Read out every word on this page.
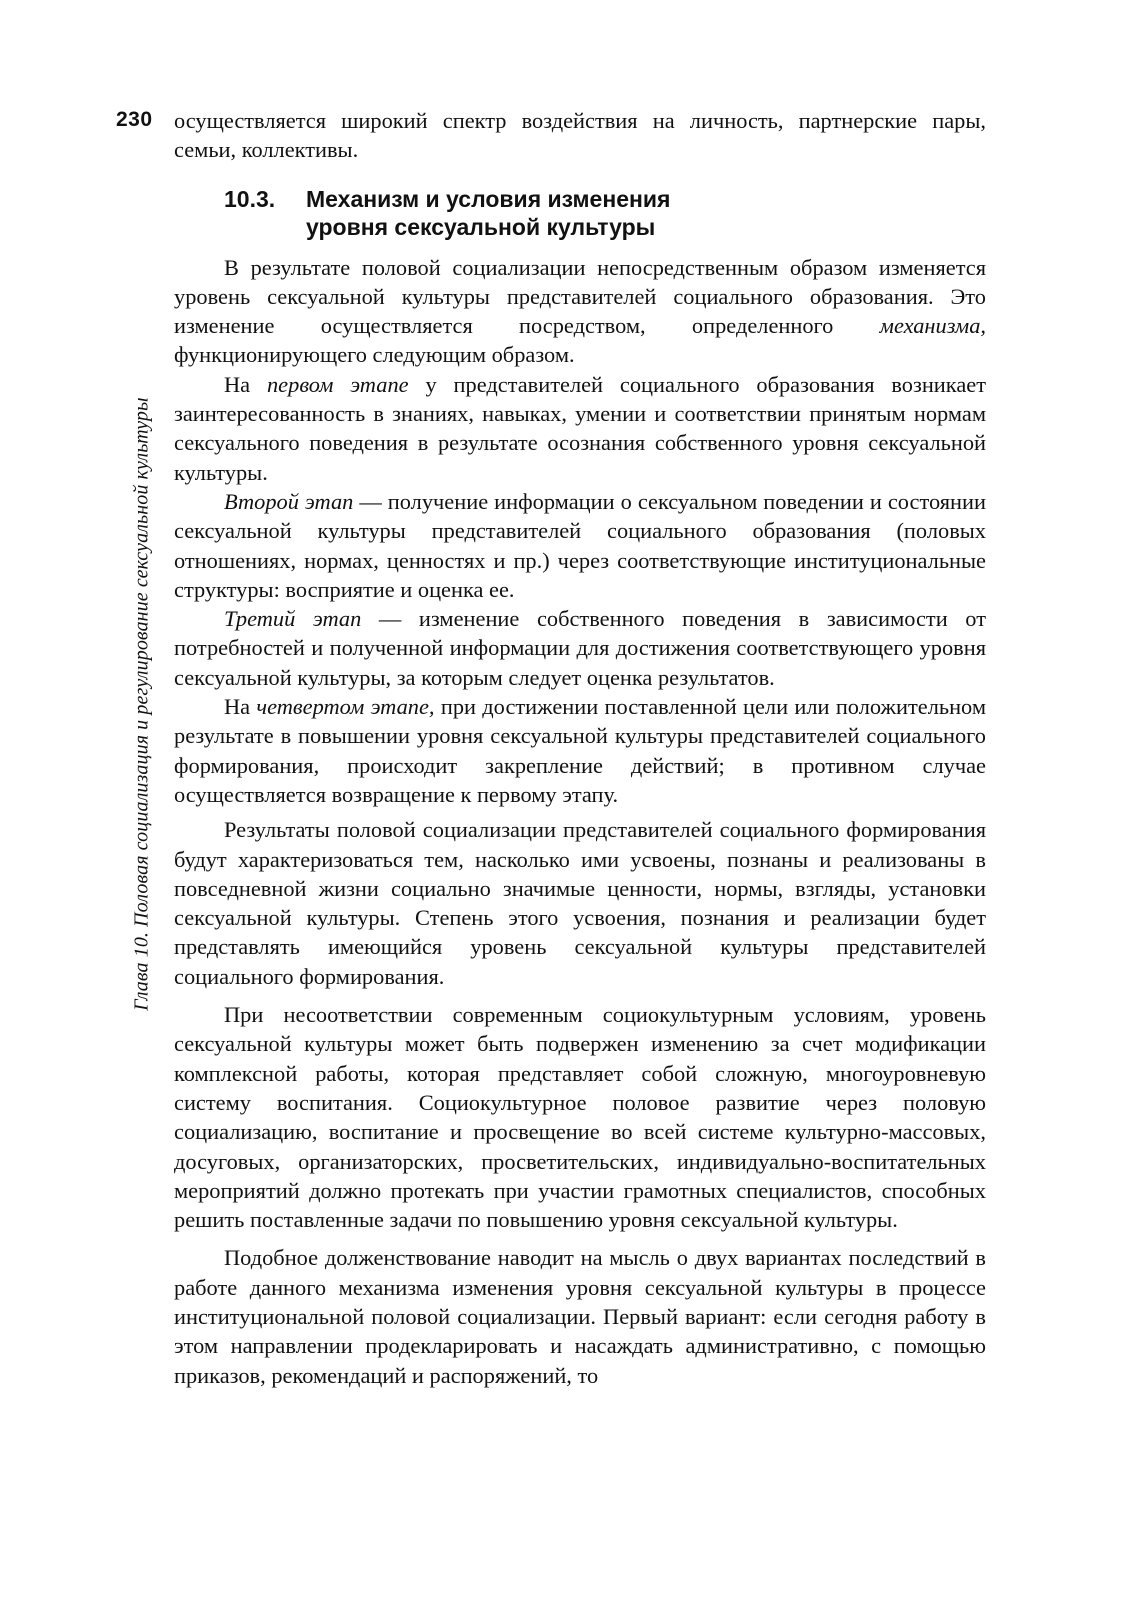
230
Глава 10. Половая социализация и регулирование сексуальной культуры

осуществляется широкий спектр воздействия на личность, партнерские пары, семьи, коллективы.

10.3. Механизм и условия изменения
уровня сексуальной культуры

В результате половой социализации непосредственным образом изменяется уровень сексуальной культуры представителей социального образования. Это изменение осуществляется посредством, определенного механизма, функционирующего следующим образом.

На первом этапе у представителей социального образования возникает заинтересованность в знаниях, навыках, умении и соответствии принятым нормам сексуального поведения в результате осознания собственного уровня сексуальной культуры.

Второй этап — получение информации о сексуальном поведении и состоянии сексуальной культуры представителей социального образования (половых отношениях, нормах, ценностях и пр.) через соответствующие институциональные структуры: восприятие и оценка ее.

Третий этап — изменение собственного поведения в зависимости от потребностей и полученной информации для достижения соответствующего уровня сексуальной культуры, за которым следует оценка результатов.

На четвертом этапе, при достижении поставленной цели или положительном результате в повышении уровня сексуальной культуры представителей социального формирования, происходит закрепление действий; в противном случае осуществляется возвращение к первому этапу.

Результаты половой социализации представителей социального формирования будут характеризоваться тем, насколько ими усвоены, познаны и реализованы в повседневной жизни социально значимые ценности, нормы, взгляды, установки сексуальной культуры. Степень этого усвоения, познания и реализации будет представлять имеющийся уровень сексуальной культуры представителей социального формирования.

При несоответствии современным социокультурным условиям, уровень сексуальной культуры может быть подвержен изменению за счет модификации комплексной работы, которая представляет собой сложную, многоуровневую систему воспитания. Социокультурное половое развитие через половую социализацию, воспитание и просвещение во всей системе культурно-массовых, досуговых, организаторских, просветительских, индивидуально-воспитательных мероприятий должно протекать при участии грамотных специалистов, способных решить поставленные задачи по повышению уровня сексуальной культуры.

Подобное долженствование наводит на мысль о двух вариантах последствий в работе данного механизма изменения уровня сексуальной культуры в процессе институциональной половой социализации. Первый вариант: если сегодня работу в этом направлении продекларировать и насаждать административно, с помощью приказов, рекомендаций и распоряжений, то
